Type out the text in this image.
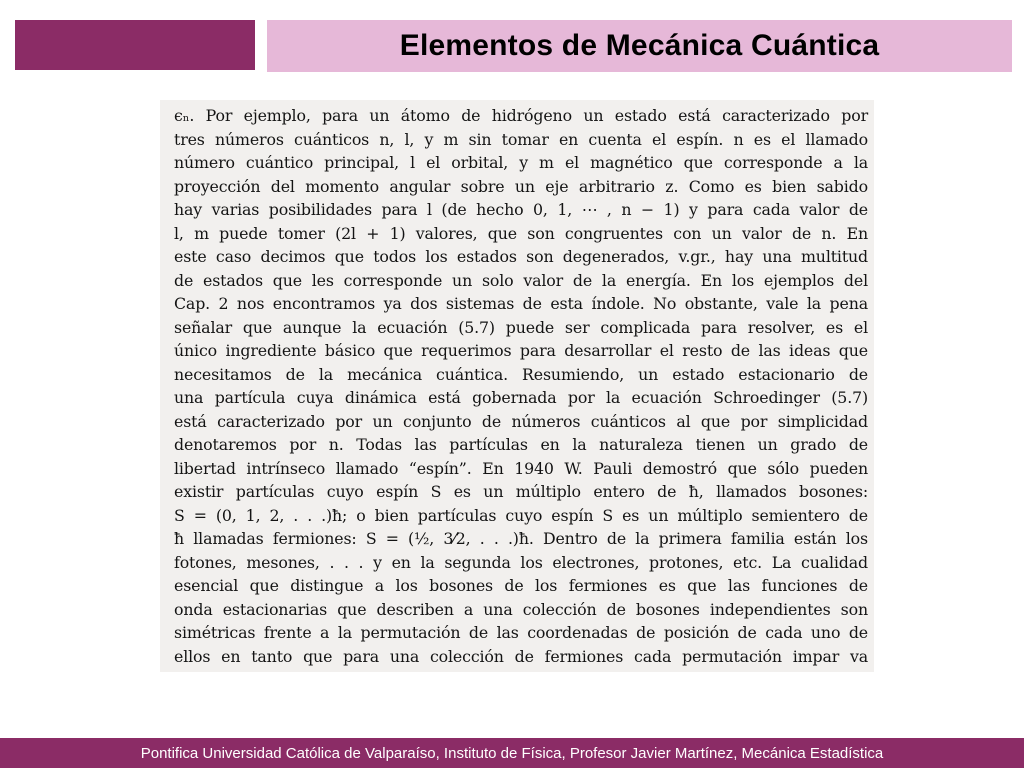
Elementos de Mecánica Cuántica
ϵₙ. Por ejemplo, para un átomo de hidrógeno un estado está caracterizado por
tres números cuánticos n, l, y m sin tomar en cuenta el espín. n es el llamado
número cuántico principal, l el orbital, y m el magnético que corresponde a la
proyección del momento angular sobre un eje arbitrario z. Como es bien sabido
hay varias posibilidades para l (de hecho 0, 1, ⋯ , n − 1) y para cada valor de
l, m puede tomer (2l + 1) valores, que son congruentes con un valor de n. En
este caso decimos que todos los estados son degenerados, v.gr., hay una multitud
de estados que les corresponde un solo valor de la energía. En los ejemplos del
Cap. 2 nos encontramos ya dos sistemas de esta índole. No obstante, vale la pena
señalar que aunque la ecuación (5.7) puede ser complicada para resolver, es el
único ingrediente básico que requerimos para desarrollar el resto de las ideas que
necesitamos de la mecánica cuántica. Resumiendo, un estado estacionario de
una partícula cuya dinámica está gobernada por la ecuación Schroedinger (5.7)
está caracterizado por un conjunto de números cuánticos al que por simplicidad
denotaremos por n. Todas las partículas en la naturaleza tienen un grado de
libertad intrínseco llamado “espín”. En 1940 W. Pauli demostró que sólo pueden
existir partículas cuyo espín S es un múltiplo entero de ħ, llamados bosones:
S = (0, 1, 2, . . .)ħ; o bien partículas cuyo espín S es un múltiplo semientero de
ħ llamadas fermiones: S = (½, 3⁄2, . . .)ħ. Dentro de la primera familia están los
fotones, mesones, . . . y en la segunda los electrones, protones, etc. La cualidad
esencial que distingue a los bosones de los fermiones es que las funciones de
onda estacionarias que describen a una colección de bosones independientes son
simétricas frente a la permutación de las coordenadas de posición de cada uno de
ellos en tanto que para una colección de fermiones cada permutación impar va
Pontifica Universidad Católica de Valparaíso, Instituto de Física, Profesor Javier Martínez, Mecánica Estadística
